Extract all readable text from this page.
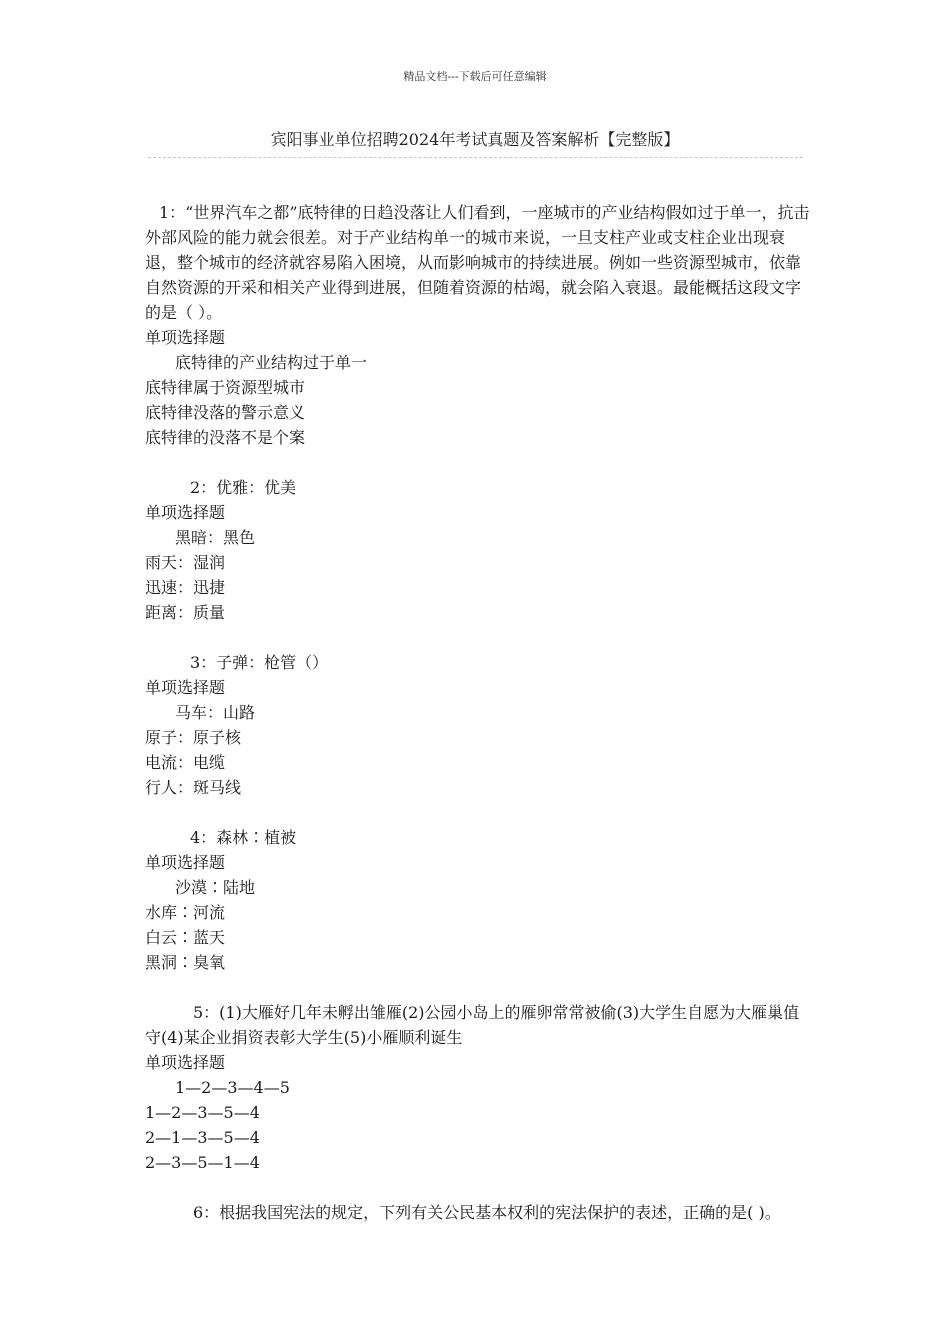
精品文档---下载后可任意编辑
宾阳事业单位招聘2024年考试真题及答案解析【完整版】

1：“世界汽车之都”底特律的日趋没落让人们看到，一座城市的产业结构假如过于单一，抗击外部风险的能力就会很差。对于产业结构单一的城市来说，一旦支柱产业或支柱企业出现衰退，整个城市的经济就容易陷入困境，从而影响城市的持续进展。例如一些资源型城市，依靠自然资源的开采和相关产业得到进展，但随着资源的枯竭，就会陷入衰退。最能概括这段文字的是（ ）。

单项选择题

底特律的产业结构过于单一

底特律属于资源型城市

底特律没落的警示意义

底特律的没落不是个案

2：优雅：优美

单项选择题

黑暗：黑色

雨天：湿润

迅速：迅捷

距离：质量

3：子弹：枪管（）

单项选择题

马车：山路

原子：原子核

电流：电缆

行人：斑马线

4：森林∶植被

单项选择题

沙漠∶陆地

水库∶河流

白云∶蓝天

黑洞∶臭氧

5：(1)大雁好几年未孵出雏雁(2)公园小岛上的雁卵常常被偷(3)大学生自愿为大雁巢值守(4)某企业捐资表彰大学生(5)小雁顺利诞生

单项选择题

1—2—3—4—5

1—2—3—5—4

2—1—3—5—4

2—3—5—1—4

6：根据我国宪法的规定，下列有关公民基本权利的宪法保护的表述，正确的是( )。
